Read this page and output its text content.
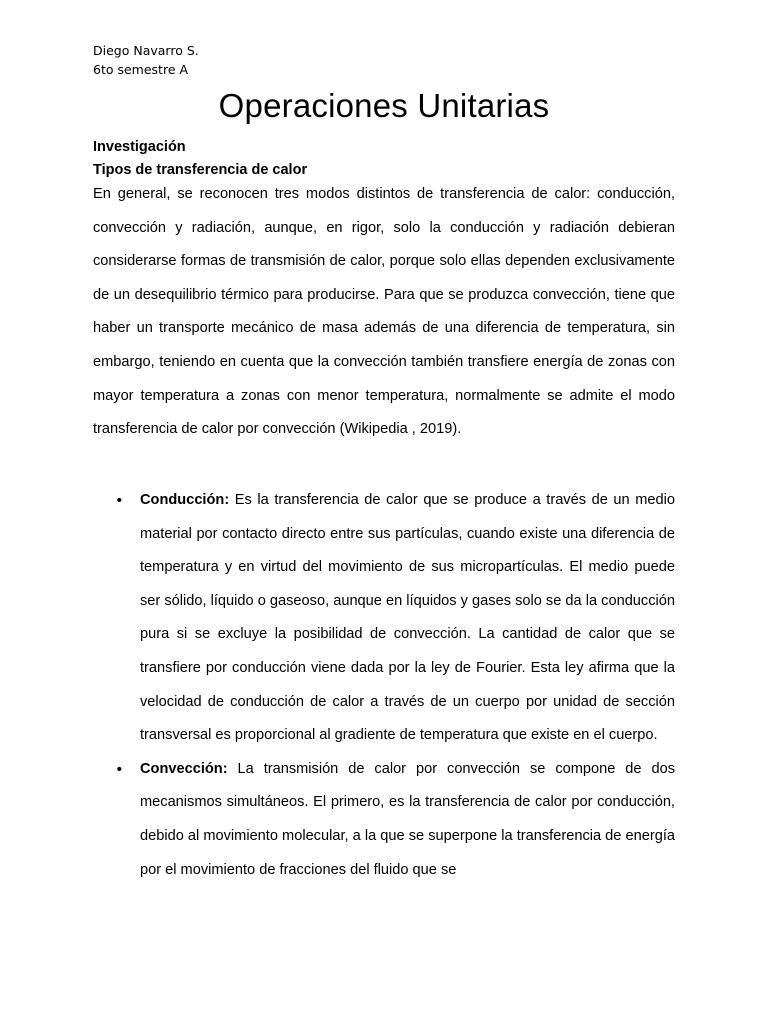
Diego Navarro S.
6to semestre A
Operaciones Unitarias
Investigación
Tipos de transferencia de calor

En general, se reconocen tres modos distintos de transferencia de calor: conducción, convección y radiación, aunque, en rigor, solo la conducción y radiación debieran considerarse formas de transmisión de calor, porque solo ellas dependen exclusivamente de un desequilibrio térmico para producirse. Para que se produzca convección, tiene que haber un transporte mecánico de masa además de una diferencia de temperatura, sin embargo, teniendo en cuenta que la convección también transfiere energía de zonas con mayor temperatura a zonas con menor temperatura, normalmente se admite el modo transferencia de calor por convección (Wikipedia , 2019).

• Conducción: Es la transferencia de calor que se produce a través de un medio material por contacto directo entre sus partículas, cuando existe una diferencia de temperatura y en virtud del movimiento de sus micropartículas. El medio puede ser sólido, líquido o gaseoso, aunque en líquidos y gases solo se da la conducción pura si se excluye la posibilidad de convección. La cantidad de calor que se transfiere por conducción viene dada por la ley de Fourier. Esta ley afirma que la velocidad de conducción de calor a través de un cuerpo por unidad de sección transversal es proporcional al gradiente de temperatura que existe en el cuerpo.
• Convección: La transmisión de calor por convección se compone de dos mecanismos simultáneos. El primero, es la transferencia de calor por conducción, debido al movimiento molecular, a la que se superpone la transferencia de energía por el movimiento de fracciones del fluido que se
